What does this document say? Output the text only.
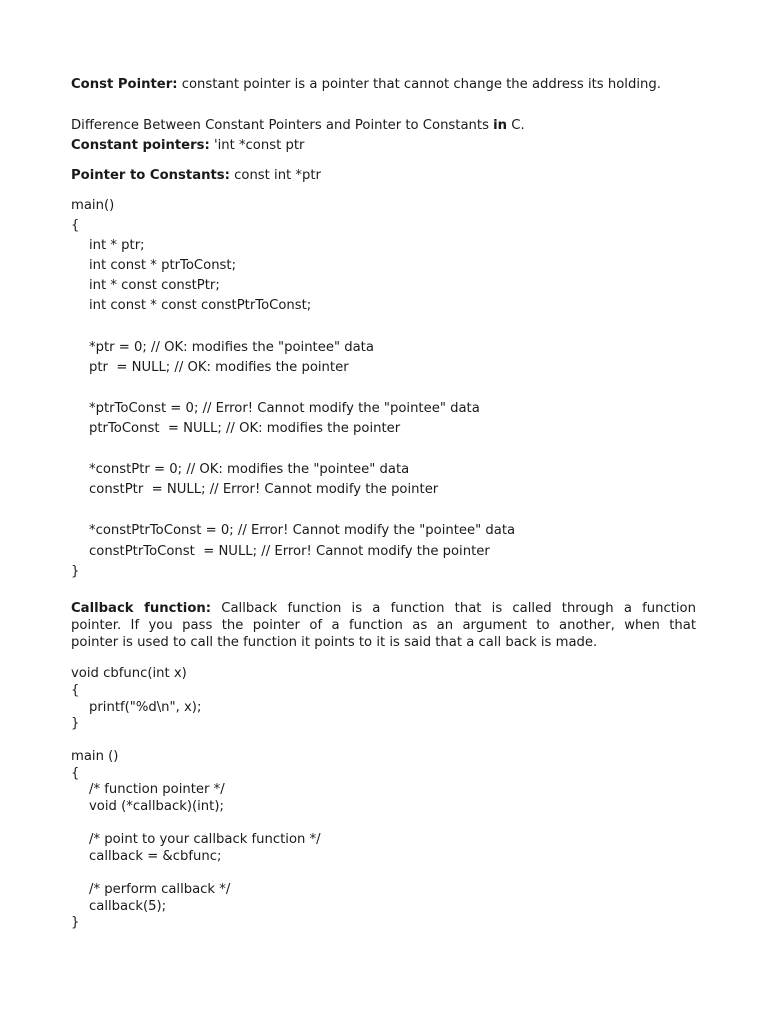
Const Pointer: constant pointer is a pointer that cannot change the address its holding.
Difference Between Constant Pointers and Pointer to Constants in C.
Constant pointers: 'int *const ptr
Pointer to Constants: const int *ptr
main()
{
int * ptr;
int const * ptrToConst;
int * const constPtr;
int const * const constPtrToConst;
*ptr = 0; // OK: modifies the "pointee" data
ptr  = NULL; // OK: modifies the pointer
*ptrToConst = 0; // Error! Cannot modify the "pointee" data
ptrToConst  = NULL; // OK: modifies the pointer
*constPtr = 0; // OK: modifies the "pointee" data
constPtr  = NULL; // Error! Cannot modify the pointer
*constPtrToConst = 0; // Error! Cannot modify the "pointee" data
constPtrToConst  = NULL; // Error! Cannot modify the pointer
}
Callback function: Callback function is a function that is called through a function
pointer. If you pass the pointer of a function as an argument to another, when that
pointer is used to call the function it points to it is said that a call back is made.
void cbfunc(int x)
{
printf("%d\n", x);
}
main ()
{
/* function pointer */
void (*callback)(int);
/* point to your callback function */
callback = &cbfunc;
/* perform callback */
callback(5);
}
